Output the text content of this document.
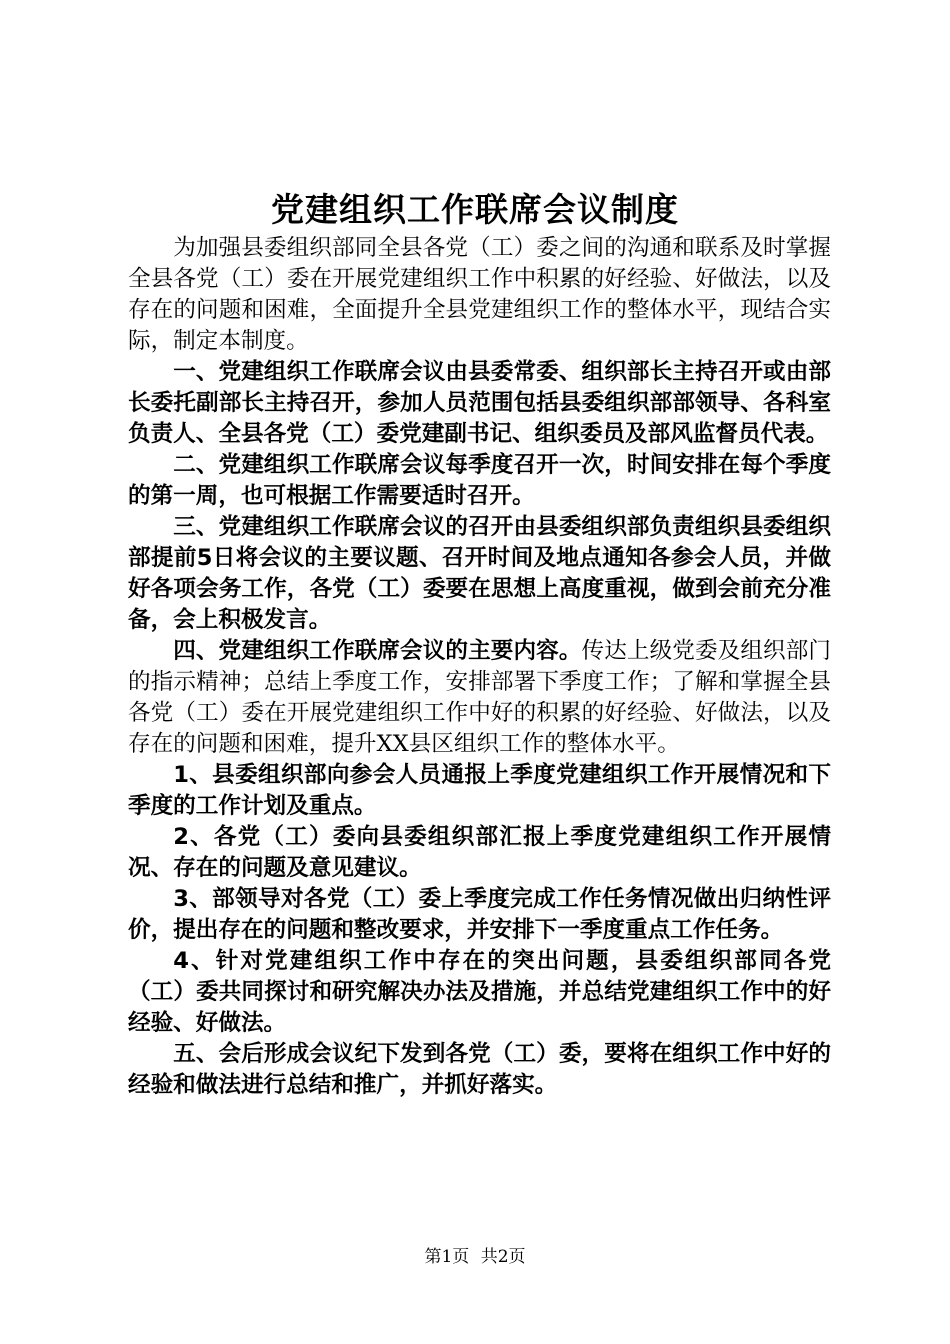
党建组织工作联席会议制度

为加强县委组织部同全县各党（工）委之间的沟通和联系及时掌握全县各党（工）委在开展党建组织工作中积累的好经验、好做法，以及存在的问题和困难，全面提升全县党建组织工作的整体水平，现结合实际，制定本制度。

一、党建组织工作联席会议由县委常委、组织部长主持召开或由部长委托副部长主持召开，参加人员范围包括县委组织部部领导、各科室负责人、全县各党（工）委党建副书记、组织委员及部风监督员代表。

二、党建组织工作联席会议每季度召开一次，时间安排在每个季度的第一周，也可根据工作需要适时召开。

三、党建组织工作联席会议的召开由县委组织部负责组织县委组织部提前5日将会议的主要议题、召开时间及地点通知各参会人员，并做好各项会务工作，各党（工）委要在思想上高度重视，做到会前充分准备，会上积极发言。

四、党建组织工作联席会议的主要内容。传达上级党委及组织部门的指示精神；总结上季度工作，安排部署下季度工作；了解和掌握全县各党（工）委在开展党建组织工作中好的积累的好经验、好做法，以及存在的问题和困难，提升XX县区组织工作的整体水平。

1、县委组织部向参会人员通报上季度党建组织工作开展情况和下季度的工作计划及重点。

2、各党（工）委向县委组织部汇报上季度党建组织工作开展情况、存在的问题及意见建议。

3、部领导对各党（工）委上季度完成工作任务情况做出归纳性评价，提出存在的问题和整改要求，并安排下一季度重点工作任务。

4、针对党建组织工作中存在的突出问题，县委组织部同各党（工）委共同探讨和研究解决办法及措施，并总结党建组织工作中的好经验、好做法。

五、会后形成会议纪下发到各党（工）委，要将在组织工作中好的经验和做法进行总结和推广，并抓好落实。

第1页 共2页
